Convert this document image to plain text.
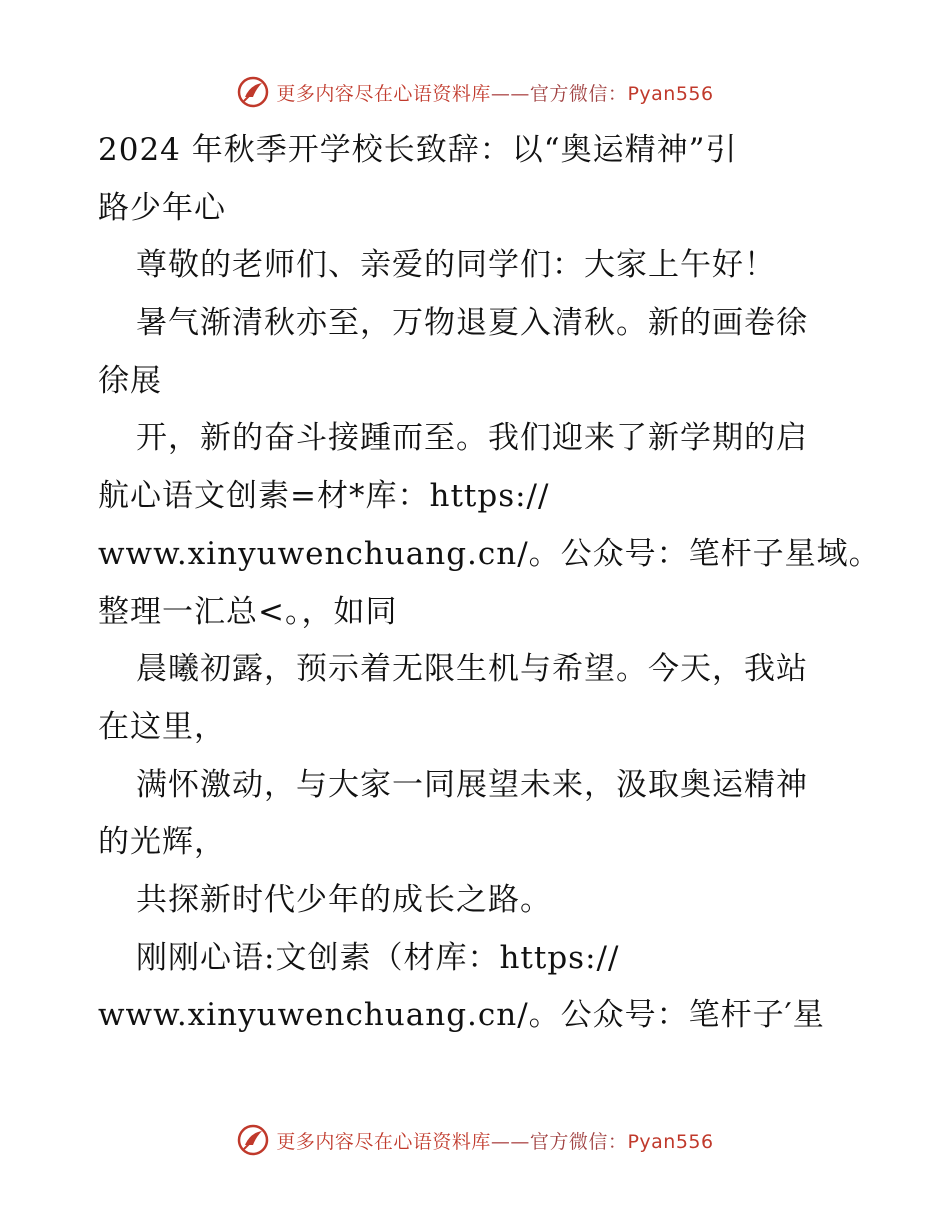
更多内容尽在心语资料库——官方微信：Pyan556
2024 年秋季开学校长致辞：以“奥运精神”引
路少年心
尊敬的老师们、亲爱的同学们：大家上午好！
暑气渐清秋亦至，万物退夏入清秋。新的画卷徐
徐展
开，新的奋斗接踵而至。我们迎来了新学期的启
航心语文创素=材*库：https://
www.xinyuwenchuang.cn/。公众号：笔杆子星域。
整理一汇总<。，如同
晨曦初露，预示着无限生机与希望。今天，我站
在这里，
满怀激动，与大家一同展望未来，汲取奥运精神
的光辉，
共探新时代少年的成长之路。
刚刚心语:文创素（材库：https://
www.xinyuwenchuang.cn/。公众号：笔杆子′星
更多内容尽在心语资料库——官方微信：Pyan556
